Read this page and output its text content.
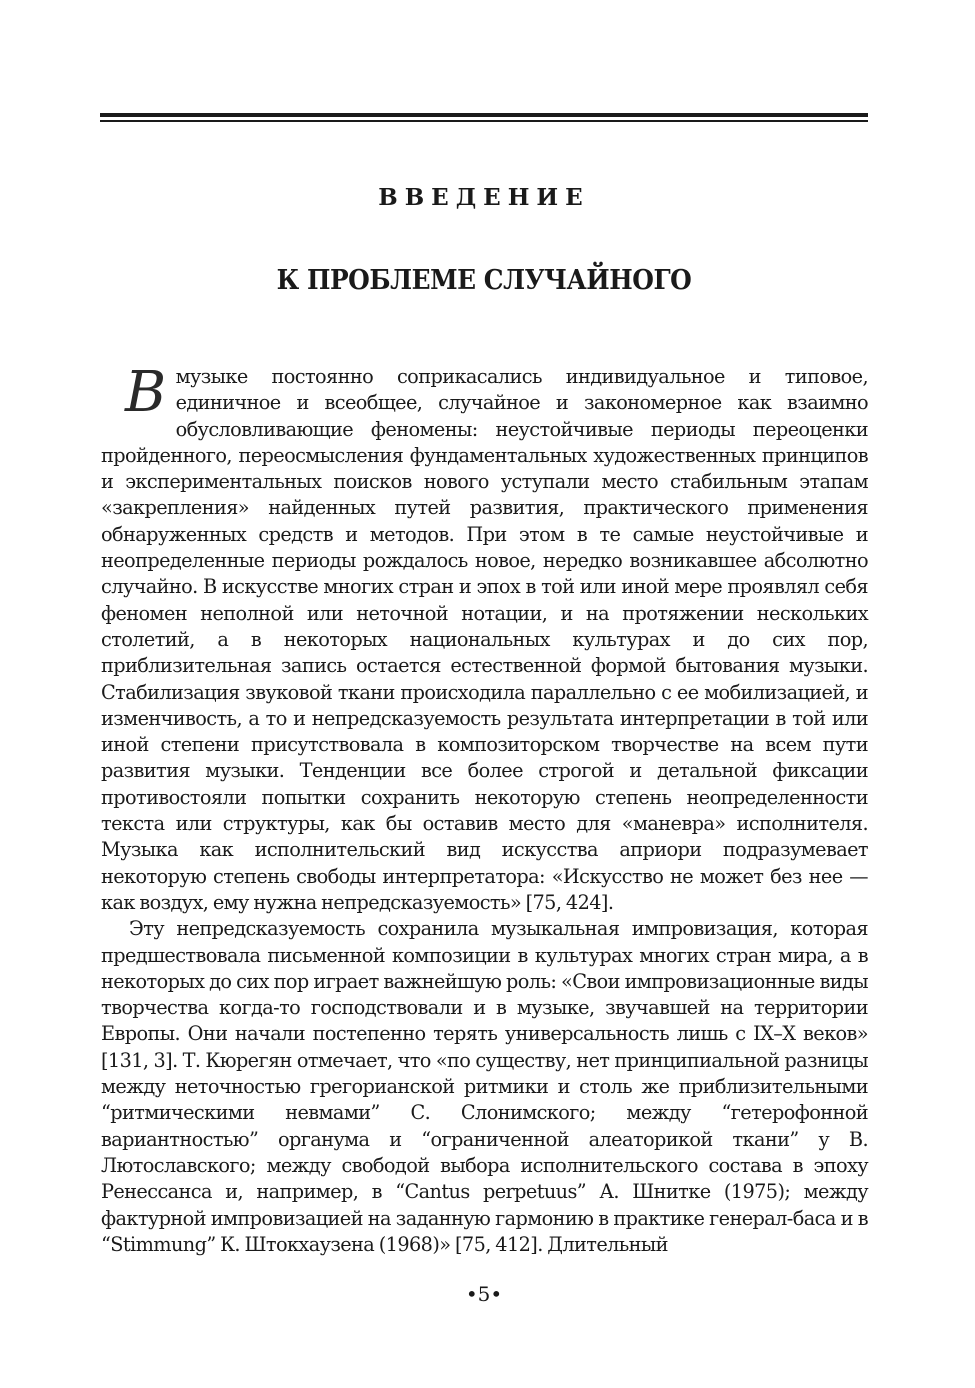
ВВЕДЕНИЕ
К ПРОБЛЕМЕ СЛУЧАЙНОГО

Вмузыке постоянно соприкасались индивидуальное и типовое, единичное и всеобщее, случайное и закономерное как взаимно обусловливающие феномены: неустойчивые периоды переоценки пройденного, переосмысления фундаментальных художественных принципов и экспериментальных поисков нового уступали место стабильным этапам «закрепления» найденных путей развития, практического применения обнаруженных средств и методов. При этом в те самые неустойчивые и неопределенные периоды рождалось новое, нередко возникавшее абсолютно случайно. В искусстве многих стран и эпох в той или иной мере проявлял себя феномен неполной или неточной нотации, и на протяжении нескольких столетий, а в некоторых национальных культурах и до сих пор, приблизительная запись остается естественной формой бытования музыки. Стабилизация звуковой ткани происходила параллельно с ее мобилизацией, и изменчивость, а то и непредсказуемость результата интерпретации в той или иной степени присутствовала в композиторском творчестве на всем пути развития музыки. Тенденции все более строгой и детальной фиксации противостояли попытки сохранить некоторую степень неопределенности текста или структуры, как бы оставив место для «маневра» исполнителя. Музыка как исполнительский вид искусства априори подразумевает некоторую степень свободы интерпретатора: «Искусство не может без нее — как воздух, ему нужна непредсказуемость» [75, 424].

Эту непредсказуемость сохранила музыкальная импровизация, которая предшествовала письменной композиции в культурах многих стран мира, а в некоторых до сих пор играет важнейшую роль: «Свои импровизационные виды творчества когда-то господствовали и в музыке, звучавшей на территории Европы. Они начали постепенно терять универсальность лишь с IX–X веков» [131, 3]. Т. Кюрегян отмечает, что «по существу, нет принципиальной разницы между неточностью грегорианской ритмики и столь же приблизительными “ритмическими невмами” С. Слонимского; между “гетерофонной вариантностью” органума и “ограниченной алеаторикой ткани” у В. Лютославского; между свободой выбора исполнительского состава в эпоху Ренессанса и, например, в “Cantus perpetuus” А. Шнитке (1975); между фактурной импровизацией на заданную гармонию в практике генерал-баса и в “Stimmung” К. Штокхаузена (1968)» [75, 412]. Длительный

•5•
